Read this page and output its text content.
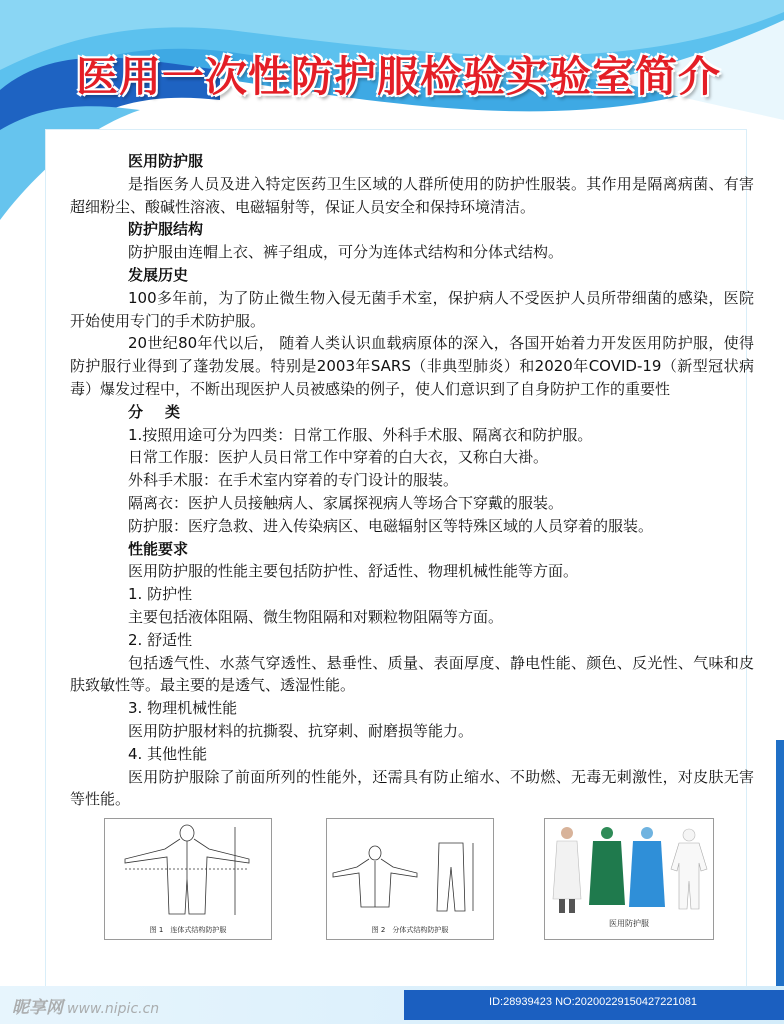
医用一次性防护服检验实验室简介

医用防护服

是指医务人员及进入特定医药卫生区域的人群所使用的防护性服装。其作用是隔离病菌、有害超细粉尘、酸碱性溶液、电磁辐射等，保证人员安全和保持环境清洁。

防护服结构

防护服由连帽上衣、裤子组成，可分为连体式结构和分体式结构。

发展历史

100多年前，为了防止微生物入侵无菌手术室，保护病人不受医护人员所带细菌的感染，医院开始使用专门的手术防护服。

20世纪80年代以后， 随着人类认识血载病原体的深入，各国开始着力开发医用防护服，使得防护服行业得到了蓬勃发展。特别是2003年SARS（非典型肺炎）和2020年COVID-19（新型冠状病毒）爆发过程中，不断出现医护人员被感染的例子，使人们意识到了自身防护工作的重要性

分 类

1.按照用途可分为四类：日常工作服、外科手术服、隔离衣和防护服。

日常工作服：医护人员日常工作中穿着的白大衣，又称白大褂。

外科手术服：在手术室内穿着的专门设计的服装。

隔离衣：医护人员接触病人、家属探视病人等场合下穿戴的服装。

防护服：医疗急救、进入传染病区、电磁辐射区等特殊区域的人员穿着的服装。

性能要求

医用防护服的性能主要包括防护性、舒适性、物理机械性能等方面。

1. 防护性

主要包括液体阻隔、微生物阻隔和对颗粒物阻隔等方面。

2. 舒适性

包括透气性、水蒸气穿透性、悬垂性、质量、表面厚度、静电性能、颜色、反光性、气味和皮肤致敏性等。最主要的是透气、透湿性能。

3. 物理机械性能

医用防护服材料的抗撕裂、抗穿刺、耐磨损等能力。

4. 其他性能

医用防护服除了前面所列的性能外，还需具有防止缩水、不助燃、无毒无刺激性，对皮肤无害等性能。

图 1　连体式结构防护服	图 2　分体式结构防护服
医用防护服
昵享网 www.nipic.cn	ID:28939423 NO:20200229150427221081
